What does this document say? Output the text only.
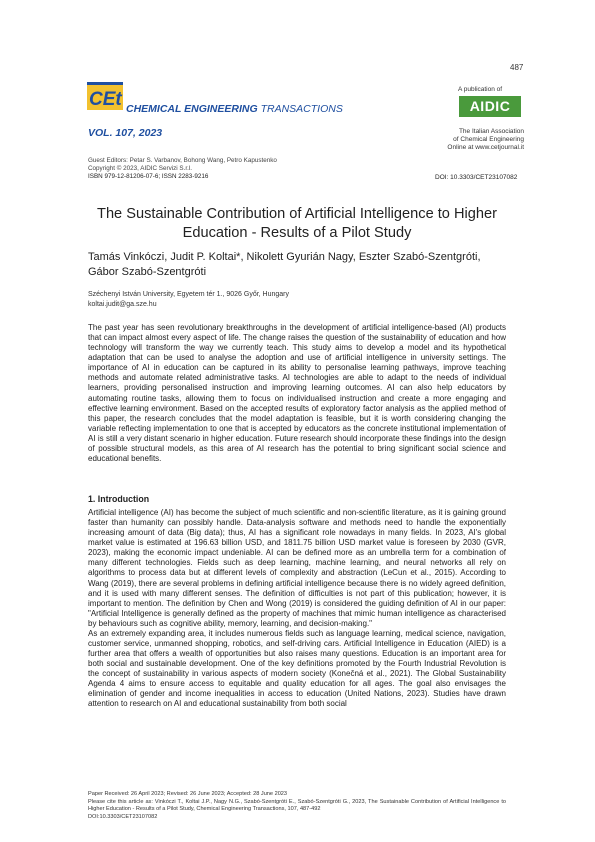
487
CEt CHEMICAL ENGINEERING TRANSACTIONS
VOL. 107, 2023
A publication of
AIDIC
The Italian Association
of Chemical Engineering
Online at www.cetjournal.it
Guest Editors: Petar S. Varbanov, Bohong Wang, Petro Kapustenko
Copyright © 2023, AIDIC Servizi S.r.l.
ISBN 979-12-81206-07-6; ISSN 2283-9216	DOI: 10.3303/CET23107082
The Sustainable Contribution of Artificial Intelligence to Higher Education - Results of a Pilot Study
Tamás Vinkóczi, Judit P. Koltai*, Nikolett Gyurián Nagy, Eszter Szabó-Szentgróti, Gábor Szabó-Szentgróti
Széchenyi István University, Egyetem tér 1., 9026 Győr, Hungary
koltai.judit@ga.sze.hu
The past year has seen revolutionary breakthroughs in the development of artificial intelligence-based (AI) products that can impact almost every aspect of life. The change raises the question of the sustainability of education and how technology will transform the way we currently teach. This study aims to develop a model and its hypothetical adaptation that can be used to analyse the adoption and use of artificial intelligence in university settings. The importance of AI in education can be captured in its ability to personalise learning pathways, improve teaching methods and automate related administrative tasks. AI technologies are able to adapt to the needs of individual learners, providing personalised instruction and improving learning outcomes. AI can also help educators by automating routine tasks, allowing them to focus on individualised instruction and create a more engaging and effective learning environment. Based on the accepted results of exploratory factor analysis as the applied method of this paper, the research concludes that the model adaptation is feasible, but it is worth considering changing the variable reflecting implementation to one that is accepted by educators as the concrete institutional implementation of AI is still a very distant scenario in higher education. Future research should incorporate these findings into the design of possible structural models, as this area of AI research has the potential to bring significant social science and educational benefits.
1. Introduction

Artificial intelligence (AI) has become the subject of much scientific and non-scientific literature, as it is gaining ground faster than humanity can possibly handle. Data-analysis software and methods need to handle the exponentially increasing amount of data (Big data); thus, AI has a significant role nowadays in many fields. In 2023, AI's global market value is estimated at 196.63 billion USD, and 1811.75 billion USD market value is foreseen by 2030 (GVR, 2023), making the economic impact undeniable. AI can be defined more as an umbrella term for a combination of many different technologies. Fields such as deep learning, machine learning, and neural networks all rely on algorithms to process data but at different levels of complexity and abstraction (LeCun et al., 2015). According to Wang (2019), there are several problems in defining artificial intelligence because there is no widely agreed definition, and it is used with many different senses. The definition of difficulties is not part of this publication; however, it is important to mention. The definition by Chen and Wong (2019) is considered the guiding definition of AI in our paper: "Artificial Intelligence is generally defined as the property of machines that mimic human intelligence as characterised by behaviours such as cognitive ability, memory, learning, and decision-making."

As an extremely expanding area, it includes numerous fields such as language learning, medical science, navigation, customer service, unmanned shopping, robotics, and self-driving cars. Artificial Intelligence in Education (AIED) is a further area that offers a wealth of opportunities but also raises many questions. Education is an important area for both social and sustainable development. One of the key definitions promoted by the Fourth Industrial Revolution is the concept of sustainability in various aspects of modern society (Konečná et al., 2021). The Global Sustainability Agenda 4 aims to ensure access to equitable and quality education for all ages. The goal also envisages the elimination of gender and income inequalities in access to education (United Nations, 2023). Studies have drawn attention to research on AI and educational sustainability from both social

Paper Received: 26 April 2023; Revised: 26 June 2023; Accepted: 28 June 2023
Please cite this article as: Vinkóczi T., Koltai J.P., Nagy N.G., Szabó-Szentgróti E., Szabó-Szentgróti G., 2023, The Sustainable Contribution of Artificial Intelligence to Higher Education - Results of a Pilot Study, Chemical Engineering Transactions, 107, 487-492
DOI:10.3303/CET23107082
